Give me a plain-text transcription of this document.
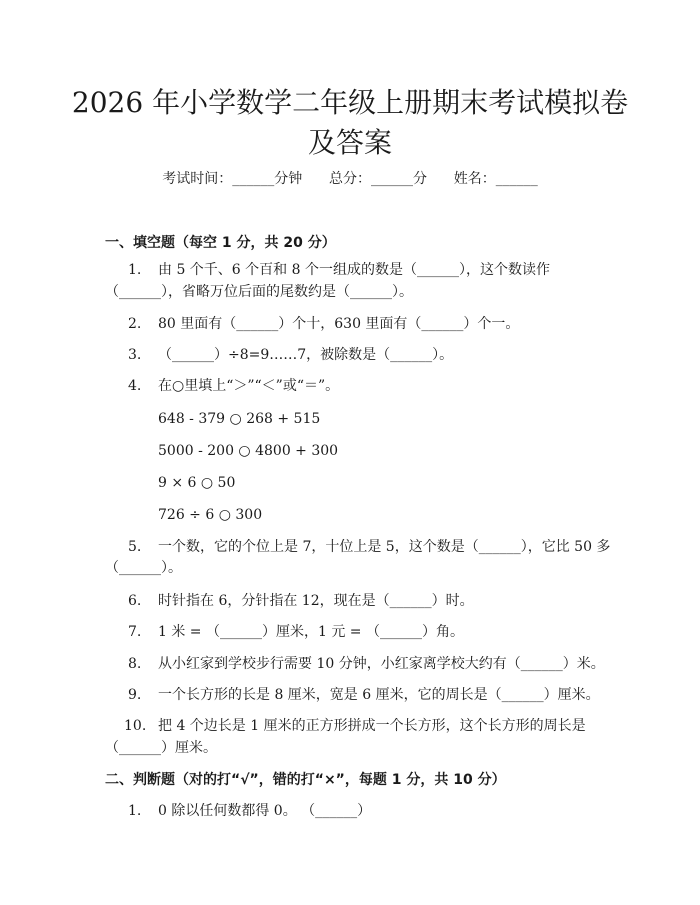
2026 年小学数学二年级上册期末考试模拟卷
及答案
考试时间：______分钟      总分：______分      姓名：______
一、填空题（每空 1 分，共 20 分）
1. 由 5 个千、6 个百和 8 个一组成的数是（______），这个数读作
（______），省略万位后面的尾数约是（______）。
2. 80 里面有（______）个十，630 里面有（______）个一。
3. （______）÷8=9……7，被除数是（______）。
4. 在○里填上“＞”“＜”或“＝”。
648 - 379 ○ 268 + 515
5000 - 200 ○ 4800 + 300
9 × 6 ○ 50
726 ÷ 6 ○ 300
5. 一个数，它的个位上是 7，十位上是 5，这个数是（______），它比 50 多
（______）。
6. 时针指在 6，分针指在 12，现在是（______）时。
7. 1 米 = （______）厘米，1 元 = （______）角。
8. 从小红家到学校步行需要 10 分钟，小红家离学校大约有（______）米。
9. 一个长方形的长是 8 厘米，宽是 6 厘米，它的周长是（______）厘米。
10. 把 4 个边长是 1 厘米的正方形拼成一个长方形，这个长方形的周长是
（______）厘米。
二、判断题（对的打“√”，错的打“×”，每题 1 分，共 10 分）
1. 0 除以任何数都得 0。 （______）
